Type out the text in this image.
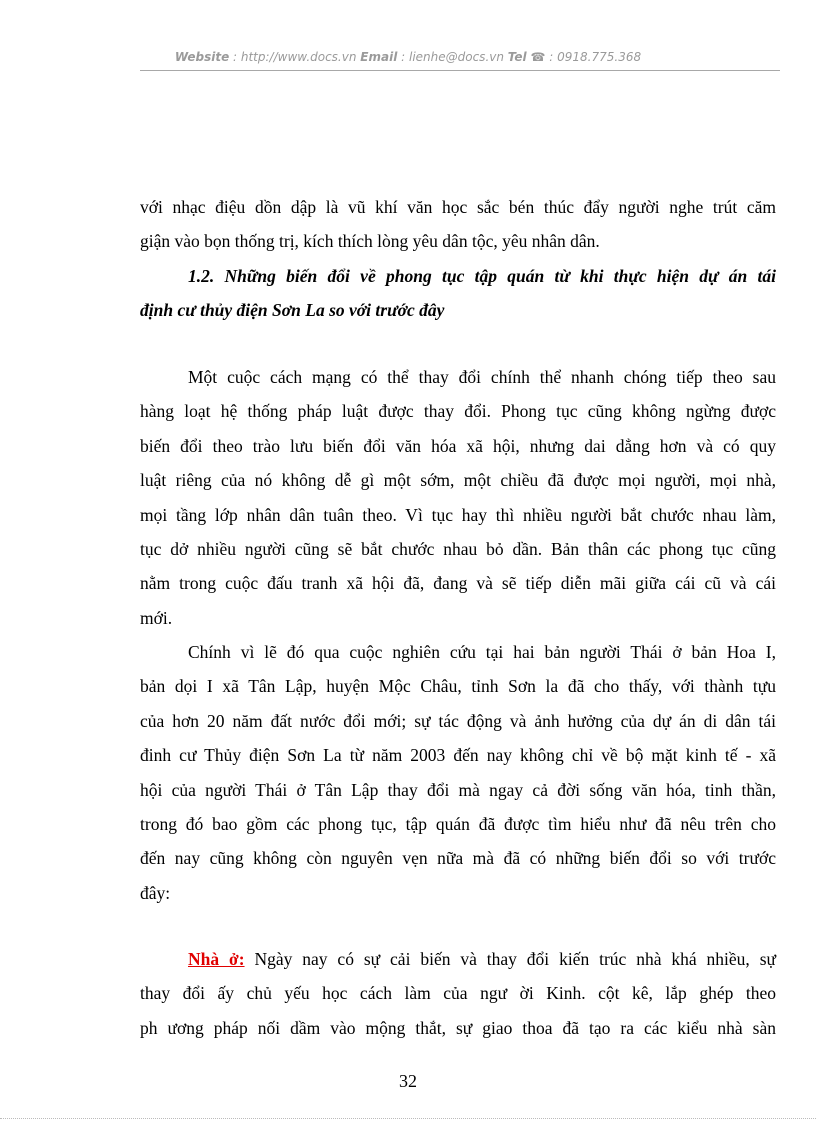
Website : http://www.docs.vn Email : lienhe@docs.vn Tel ☎ : 0918.775.368
với nhạc điệu dồn dập là vũ khí văn học sắc bén thúc đẩy người nghe trút căm
giận vào bọn thống trị, kích thích lòng yêu dân tộc, yêu nhân dân.
1.2. Những biến đổi về phong tục tập quán từ khi thực hiện dự án tái
định cư thủy điện Sơn La so với trước đây
Một cuộc cách mạng có thể thay đổi chính thể nhanh chóng tiếp theo sau
hàng loạt hệ thống pháp luật được thay đổi. Phong tục cũng không ngừng được
biến đổi theo trào lưu biến đổi văn hóa xã hội, nhưng dai dẳng hơn và có quy
luật riêng của nó không dễ gì một sớm, một chiều đã được mọi người, mọi nhà,
mọi tầng lớp nhân dân tuân theo. Vì tục hay thì nhiều người bắt chước nhau làm,
tục dở nhiều người cũng sẽ bắt chước nhau bỏ dần. Bản thân các phong tục cũng
nằm trong cuộc đấu tranh xã hội đã, đang và sẽ tiếp diễn mãi giữa cái cũ và cái
mới.
Chính vì lẽ đó qua cuộc nghiên cứu tại hai bản người Thái ở bản Hoa I,
bản dọi I xã Tân Lập, huyện Mộc Châu, tỉnh Sơn la đã cho thấy, với thành tựu
của hơn 20 năm đất nước đổi mới; sự tác động và ảnh hưởng của dự án di dân tái
đinh cư Thủy điện Sơn La từ năm 2003 đến nay không chỉ về bộ mặt kinh tế - xã
hội của người Thái ở Tân Lập thay đổi mà ngay cả đời sống văn hóa, tinh thần,
trong đó bao gồm các phong tục, tập quán đã được tìm hiểu như đã nêu trên cho
đến nay cũng không còn nguyên vẹn nữa mà đã có những biến đổi so với trước
đây:
Nhà ở: Ngày nay có sự cải biến và thay đổi kiến trúc nhà khá nhiều, sự
thay đổi ấy chủ yếu học cách làm của ngư ời Kinh. cột kê, lắp ghép theo
ph ương pháp nối dầm vào mộng thắt, sự giao thoa đã tạo ra các kiểu nhà sàn
32
